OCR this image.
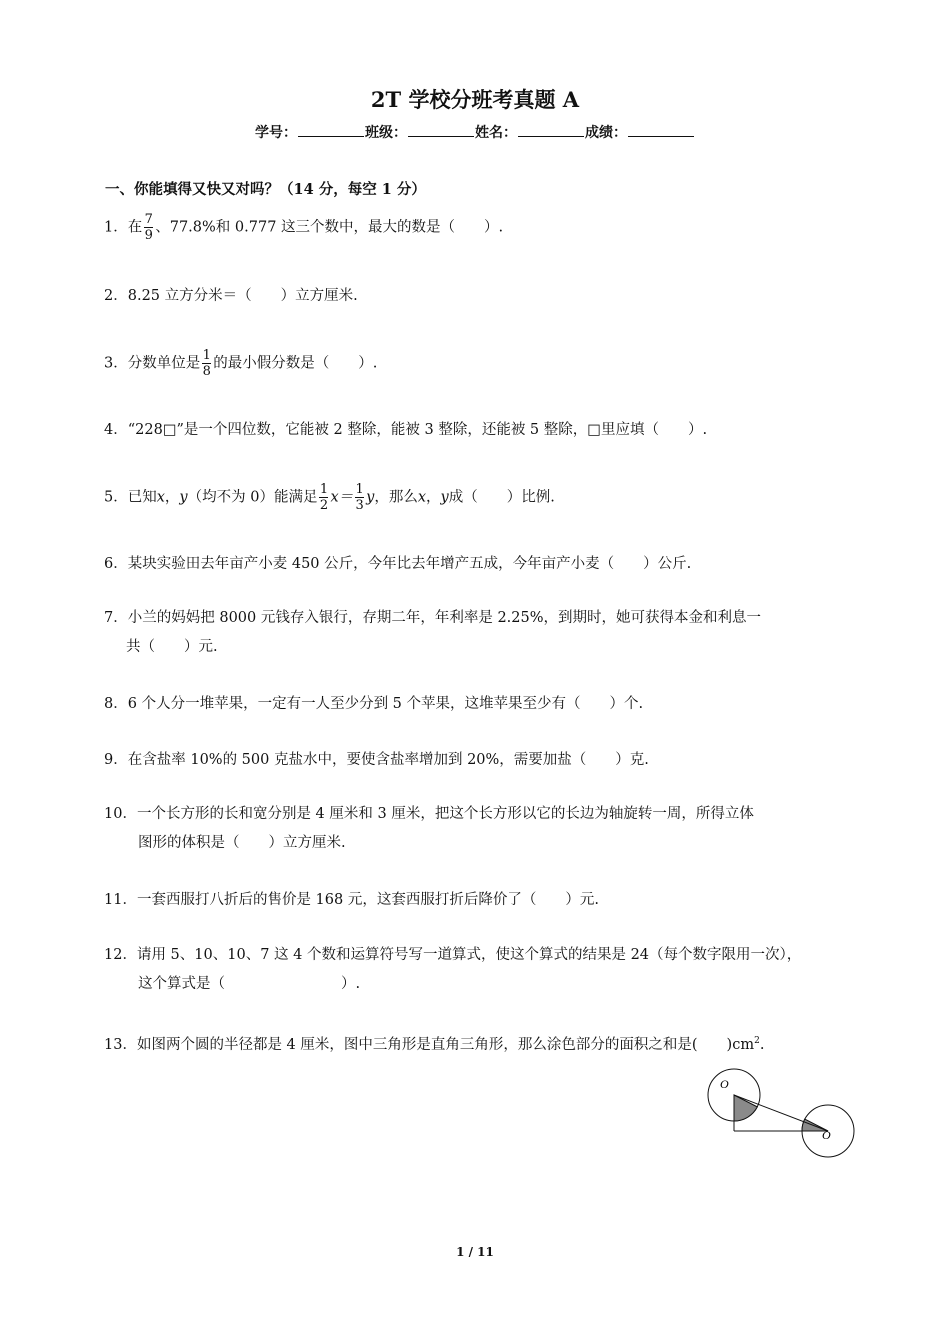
2T 学校分班考真题 A
学号：	班级：	姓名：	成绩：
一、你能填得又快又对吗？（14 分，每空 1 分）
1．在 $\frac{7}{9}$ 、77.8%和 0.777 这三个数中，最大的数是（　　）.
2．8.25 立方分米＝（　　）立方厘米.
3．分数单位是 $\frac{1}{8}$ 的最小假分数是（　　）.
4．“228□”是一个四位数，它能被 2 整除，能被 3 整除，还能被 5 整除，□里应填（　　）.
5．已知x，y（均不为 0）能满足 $\frac{1}{2} x= \frac{1}{3}$ y，那么x，y成（　　）比例.
6．某块实验田去年亩产小麦 450 公斤，今年比去年增产五成，今年亩产小麦（　　）公斤.
7．小兰的妈妈把 8000 元钱存入银行，存期二年，年利率是 2.25%，到期时，她可获得本金和利息一
共（　　）元.
8．6 个人分一堆苹果，一定有一人至少分到 5 个苹果，这堆苹果至少有（　　）个.
9．在含盐率 10%的 500 克盐水中，要使含盐率增加到 20%，需要加盐（　　）克.
10．一个长方形的长和宽分别是 4 厘米和 3 厘米，把这个长方形以它的长边为轴旋转一周，所得立体
图形的体积是（　　）立方厘米.
11．一套西服打八折后的售价是 168 元，这套西服打折后降价了（　　）元.
12．请用 5、10、10、7 这 4 个数和运算符号写一道算式，使这个算式的结果是 24（每个数字限用一次），
这个算式是（　　　　　　　　）.
13．如图两个圆的半径都是 4 厘米，图中三角形是直角三角形，那么涂色部分的面积之和是(　　)$cm^2$.
O
O
1 / 11
